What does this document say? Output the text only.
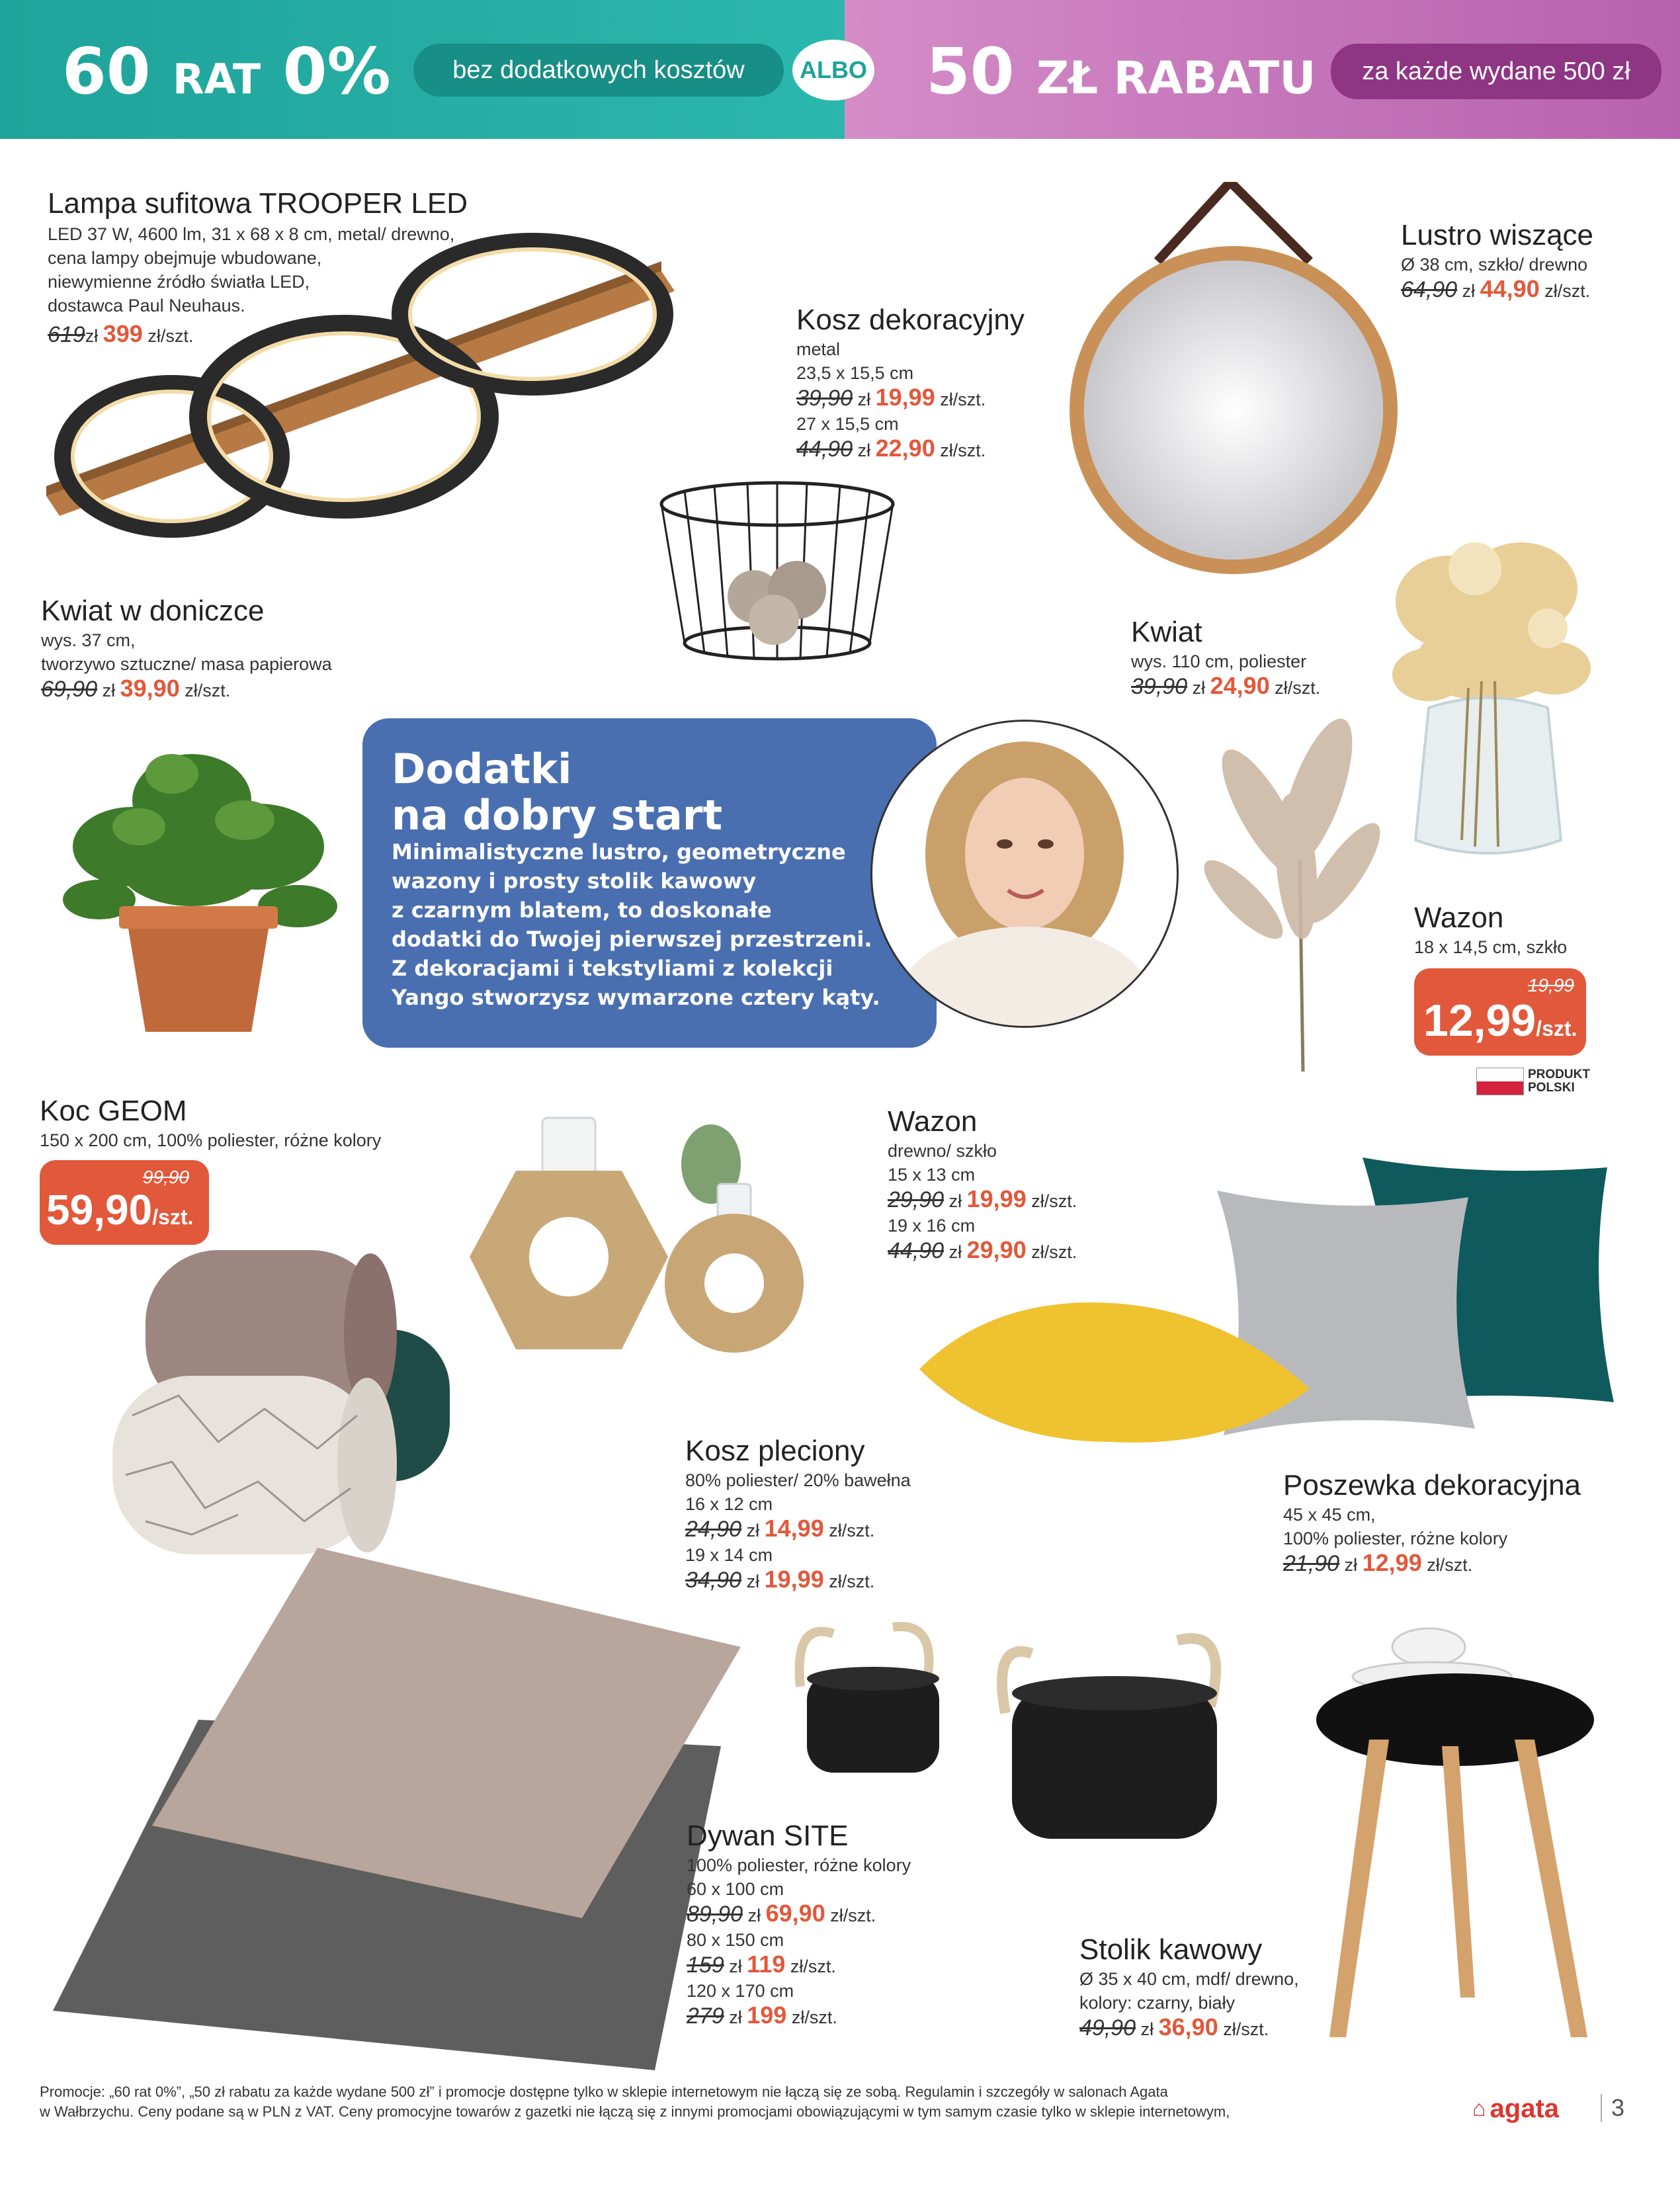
60 RAT 0% bez dodatkowych kosztów ALBO 50 ZŁ RABATU za każde wydane 500 zł
Lampa sufitowa TROOPER LED
LED 37 W, 4600 lm, 31 x 68 x 8 cm, metal/ drewno,
cena lampy obejmuje wbudowane,
niewymienne źródło światła LED,
dostawca Paul Neuhaus.
619zł 399 zł/szt.	Kosz dekoracyjny
metal
23,5 x 15,5 cm
39,90 zł 19,99 zł/szt.
27 x 15,5 cm
44,90 zł 22,90 zł/szt.
Lustro wiszące
Ø 38 cm, szkło/ drewno
64,90 zł 44,90 zł/szt.
Kwiat w doniczce
wys. 37 cm,
tworzywo sztuczne/ masa papierowa
69,90 zł 39,90 zł/szt.
Kwiat
wys. 110 cm, poliester
39,90 zł 24,90 zł/szt.
Wazon
18 x 14,5 cm, szkło
19,99
12,99/szt.
PRODUKT
POLSKI
Dodatki
na dobry start
Minimalistyczne lustro, geometryczne
wazony i prosty stolik kawowy
z czarnym blatem, to doskonałe
dodatki do Twojej pierwszej przestrzeni.
Z dekoracjami i tekstyliami z kolekcji
Yango stworzysz wymarzone cztery kąty.
Koc GEOM
150 x 200 cm, 100% poliester, różne kolory
99,90
59,90/szt.
Wazon
drewno/ szkło
15 x 13 cm
29,90 zł 19,99 zł/szt.
19 x 16 cm
44,90 zł 29,90 zł/szt.
Kosz pleciony
80% poliester/ 20% bawełna
16 x 12 cm
24,90 zł 14,99 zł/szt.
19 x 14 cm
34,90 zł 19,99 zł/szt.
Poszewka dekoracyjna
45 x 45 cm,
100% poliester, różne kolory
21,90 zł 12,99 zł/szt.
Dywan SITE
100% poliester, różne kolory
60 x 100 cm
89,90 zł 69,90 zł/szt.
80 x 150 cm
159 zł 119 zł/szt.
120 x 170 cm
279 zł 199 zł/szt.
Stolik kawowy
Ø 35 x 40 cm, mdf/ drewno,
kolory: czarny, biały
49,90 zł 36,90 zł/szt.
Promocje: „60 rat 0%”, „50 zł rabatu za każde wydane 500 zł” i promocje dostępne tylko w sklepie internetowym nie łączą się ze sobą. Regulamin i szczegóły w salonach Agata
w Wałbrzychu. Ceny podane są w PLN z VAT. Ceny promocyjne towarów z gazetki nie łączą się z innymi promocjami obowiązującymi w tym samym czasie tylko w sklepie internetowym,	⌂ agata	3
